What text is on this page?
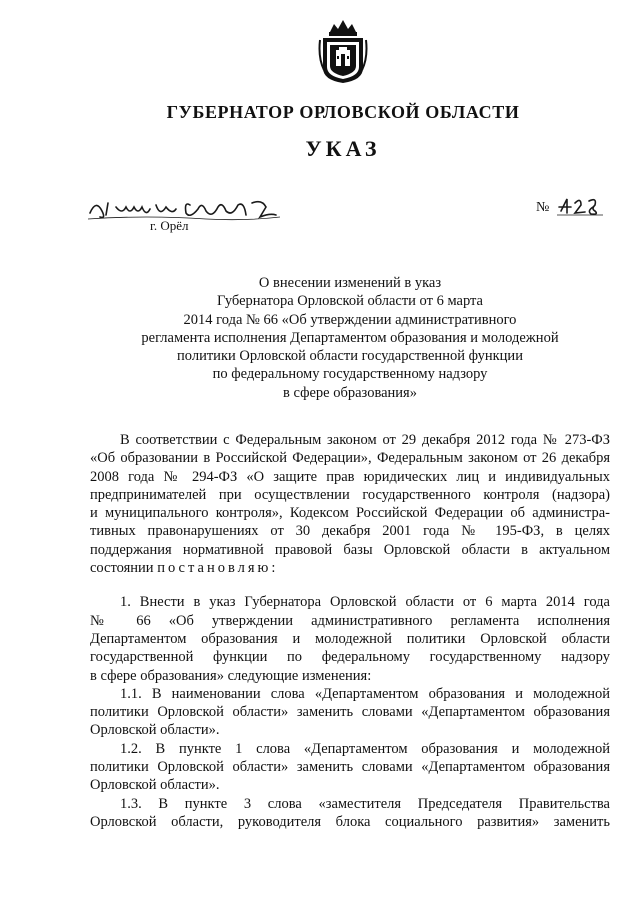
ГУБЕРНАТОР ОРЛОВСКОЙ ОБЛАСТИ
УКАЗ
№
г. Орёл
О внесении изменений в указ
Губернатора Орловской области от 6 марта
2014 года № 66 «Об утверждении административного
регламента исполнения Департаментом образования и молодежной
политики Орловской области государственной функции
по федеральному государственному надзору
в сфере образования»
В соответствии с Федеральным законом от 29 декабря 2012 года № 273-ФЗ
«Об образовании в Российской Федерации», Федеральным законом от 26 декабря
2008 года № 294-ФЗ «О защите прав юридических лиц и индивидуальных
предпринимателей при осуществлении государственного контроля (надзора)
и муниципального контроля», Кодексом Российской Федерации об администра-
тивных правонарушениях от 30 декабря 2001 года № 195-ФЗ, в целях
поддержания нормативной правовой базы Орловской области в актуальном
состоянии постановляю:
1. Внести в указ Губернатора Орловской области от 6 марта 2014 года
№ 66 «Об утверждении административного регламента исполнения
Департаментом образования и молодежной политики Орловской области
государственной функции по федеральному государственному надзору
в сфере образования» следующие изменения:
1.1. В наименовании слова «Департаментом образования и молодежной
политики Орловской области» заменить словами «Департаментом образования
Орловской области».
1.2. В пункте 1 слова «Департаментом образования и молодежной
политики Орловской области» заменить словами «Департаментом образования
Орловской области».
1.3. В пункте 3 слова «заместителя Председателя Правительства
Орловской области, руководителя блока социального развития» заменить
